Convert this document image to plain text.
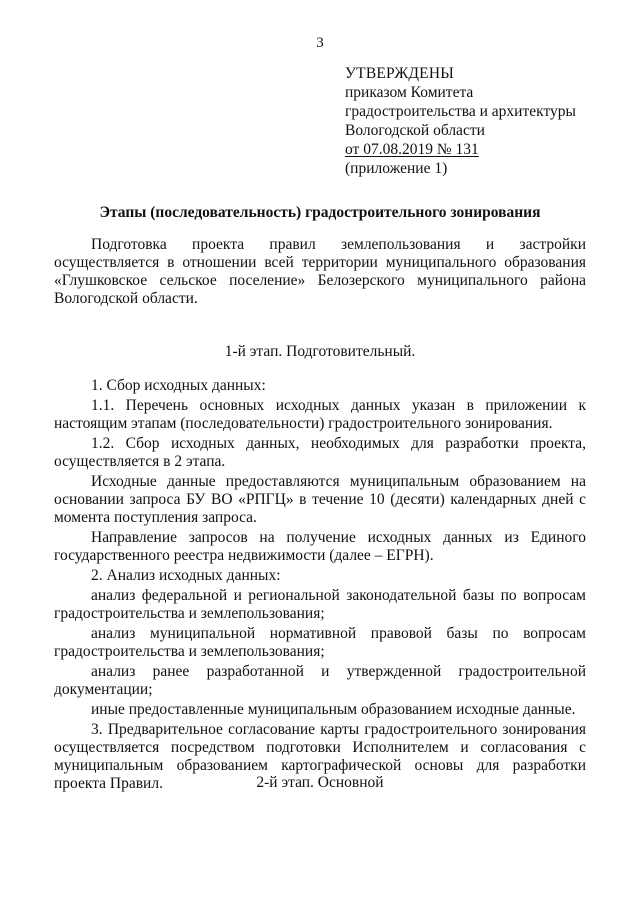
3
УТВЕРЖДЕНЫ
приказом Комитета
градостроительства и архитектуры
Вологодской области
от 07.08.2019 № 131
(приложение 1)
Этапы (последовательность) градостроительного зонирования

Подготовка проекта правил землепользования и застройки осуществляется в отношении всей территории муниципального образования «Глушковское сельское поселение» Белозерского муниципального района Вологодской области.

1-й этап. Подготовительный.

1. Сбор исходных данных:

1.1. Перечень основных исходных данных указан в приложении к настоящим этапам (последовательности) градостроительного зонирования.

1.2. Сбор исходных данных, необходимых для разработки проекта, осуществляется в 2 этапа.

Исходные данные предоставляются муниципальным образованием на основании запроса БУ ВО «РПГЦ» в течение 10 (десяти) календарных дней с момента поступления запроса.

Направление запросов на получение исходных данных из Единого государственного реестра недвижимости (далее – ЕГРН).

2. Анализ исходных данных:

анализ федеральной и региональной законодательной базы по вопросам градостроительства и землепользования;

анализ муниципальной нормативной правовой базы по вопросам градостроительства и землепользования;

анализ ранее разработанной и утвержденной градостроительной документации;

иные предоставленные муниципальным образованием исходные данные.

3. Предварительное согласование карты градостроительного зонирования осуществляется посредством подготовки Исполнителем и согласования с муниципальным образованием картографической основы для разработки проекта Правил.	2-й этап. Основной
